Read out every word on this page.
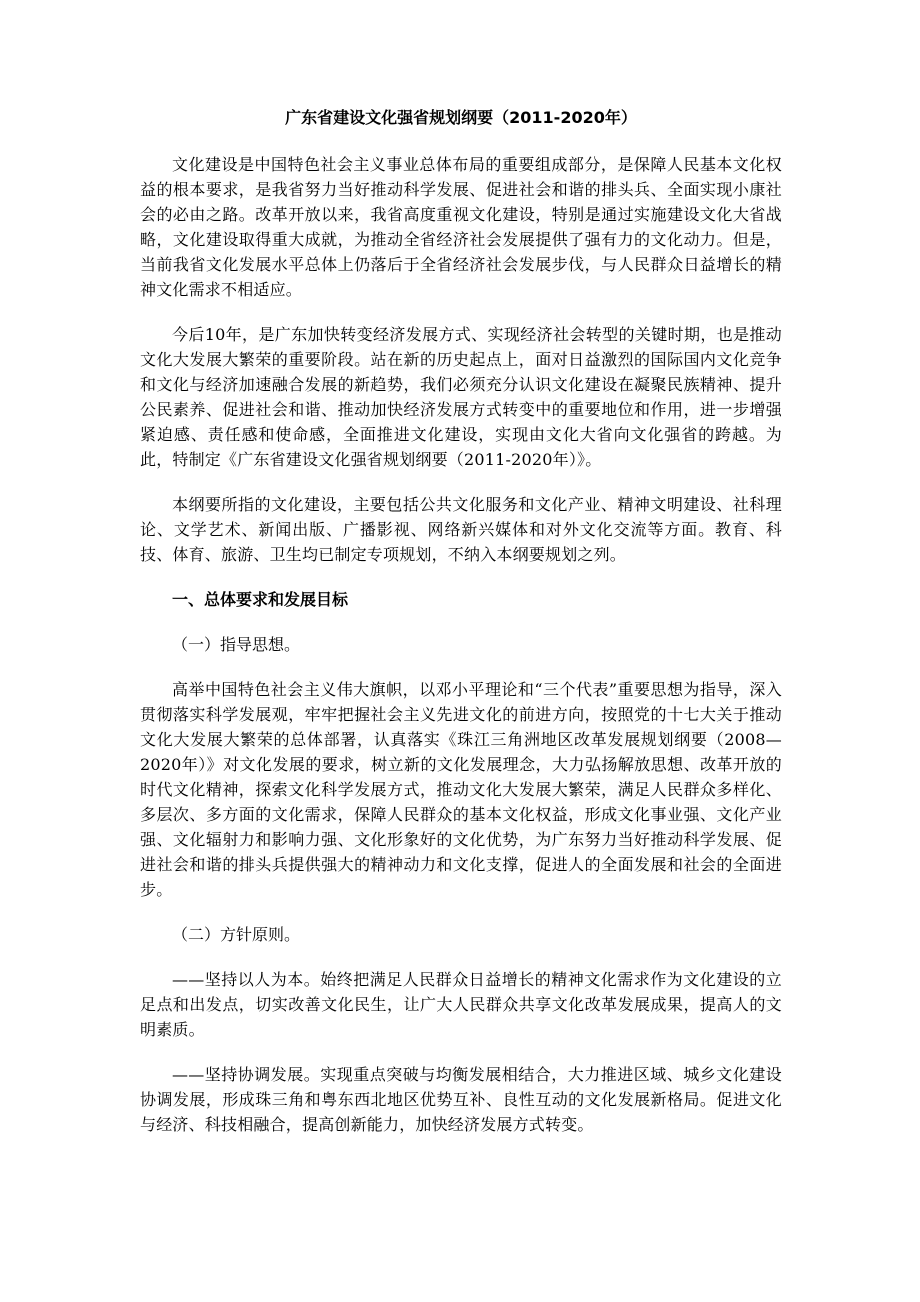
广东省建设文化强省规划纲要（2011-2020年）

文化建设是中国特色社会主义事业总体布局的重要组成部分，是保障人民基本文化权益的根本要求，是我省努力当好推动科学发展、促进社会和谐的排头兵、全面实现小康社会的必由之路。改革开放以来，我省高度重视文化建设，特别是通过实施建设文化大省战略，文化建设取得重大成就，为推动全省经济社会发展提供了强有力的文化动力。但是，当前我省文化发展水平总体上仍落后于全省经济社会发展步伐，与人民群众日益增长的精神文化需求不相适应。

今后10年，是广东加快转变经济发展方式、实现经济社会转型的关键时期，也是推动文化大发展大繁荣的重要阶段。站在新的历史起点上，面对日益激烈的国际国内文化竞争和文化与经济加速融合发展的新趋势，我们必须充分认识文化建设在凝聚民族精神、提升公民素养、促进社会和谐、推动加快经济发展方式转变中的重要地位和作用，进一步增强紧迫感、责任感和使命感，全面推进文化建设，实现由文化大省向文化强省的跨越。为此，特制定《广东省建设文化强省规划纲要（2011-2020年）》。

本纲要所指的文化建设，主要包括公共文化服务和文化产业、精神文明建设、社科理论、文学艺术、新闻出版、广播影视、网络新兴媒体和对外文化交流等方面。教育、科技、体育、旅游、卫生均已制定专项规划，不纳入本纲要规划之列。

一、总体要求和发展目标
（一）指导思想。

高举中国特色社会主义伟大旗帜，以邓小平理论和“三个代表”重要思想为指导，深入贯彻落实科学发展观，牢牢把握社会主义先进文化的前进方向，按照党的十七大关于推动文化大发展大繁荣的总体部署，认真落实《珠江三角洲地区改革发展规划纲要（2008—2020年）》对文化发展的要求，树立新的文化发展理念，大力弘扬解放思想、改革开放的时代文化精神，探索文化科学发展方式，推动文化大发展大繁荣，满足人民群众多样化、多层次、多方面的文化需求，保障人民群众的基本文化权益，形成文化事业强、文化产业强、文化辐射力和影响力强、文化形象好的文化优势，为广东努力当好推动科学发展、促进社会和谐的排头兵提供强大的精神动力和文化支撑，促进人的全面发展和社会的全面进步。

（二）方针原则。

——坚持以人为本。始终把满足人民群众日益增长的精神文化需求作为文化建设的立足点和出发点，切实改善文化民生，让广大人民群众共享文化改革发展成果，提高人的文明素质。

——坚持协调发展。实现重点突破与均衡发展相结合，大力推进区域、城乡文化建设协调发展，形成珠三角和粤东西北地区优势互补、良性互动的文化发展新格局。促进文化与经济、科技相融合，提高创新能力，加快经济发展方式转变。
